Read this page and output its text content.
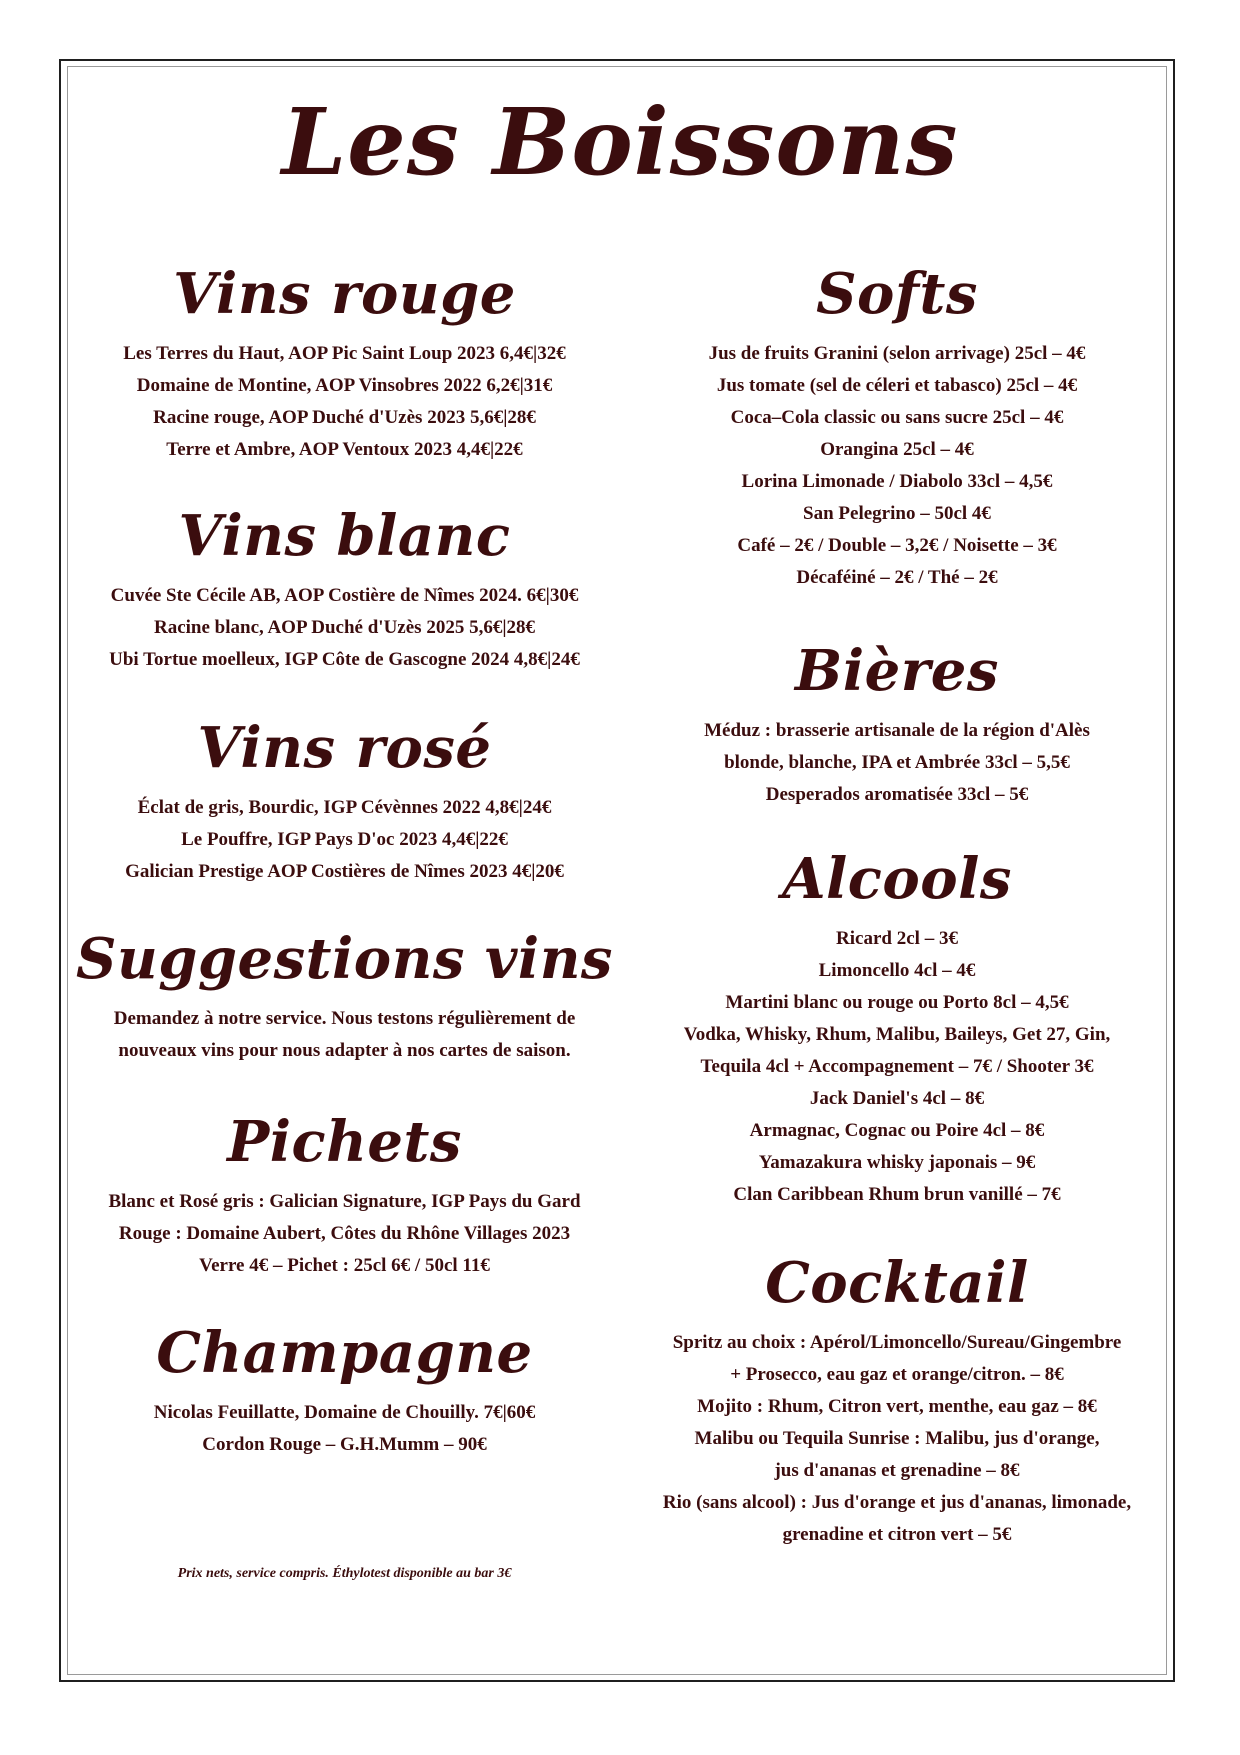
Les Boissons
Vins rouge
Les Terres du Haut, AOP Pic Saint Loup 2023 6,4€|32€
Domaine de Montine, AOP Vinsobres 2022 6,2€|31€
Racine rouge, AOP Duché d'Uzès 2023 5,6€|28€
Terre et Ambre, AOP Ventoux 2023 4,4€|22€
Vins blanc
Cuvée Ste Cécile AB, AOP Costière de Nîmes 2024. 6€|30€
Racine blanc, AOP Duché d'Uzès 2025 5,6€|28€
Ubi Tortue moelleux, IGP Côte de Gascogne 2024 4,8€|24€
Vins rosé
Éclat de gris, Bourdic, IGP Cévènnes 2022 4,8€|24€
Le Pouffre, IGP Pays D'oc 2023 4,4€|22€
Galician Prestige AOP Costières de Nîmes 2023 4€|20€
Suggestions vins
Demandez à notre service. Nous testons régulièrement de
nouveaux vins pour nous adapter à nos cartes de saison.
Pichets
Blanc et Rosé gris : Galician Signature, IGP Pays du Gard
Rouge : Domaine Aubert, Côtes du Rhône Villages 2023
Verre 4€ – Pichet : 25cl 6€ / 50cl 11€
Champagne
Nicolas Feuillatte, Domaine de Chouilly. 7€|60€
Cordon Rouge – G.H.Mumm – 90€
Softs
Jus de fruits Granini (selon arrivage) 25cl – 4€
Jus tomate (sel de céleri et tabasco) 25cl – 4€
Coca–Cola classic ou sans sucre 25cl – 4€
Orangina 25cl – 4€
Lorina Limonade / Diabolo 33cl – 4,5€
San Pelegrino – 50cl 4€
Café – 2€ / Double – 3,2€ / Noisette – 3€
Décaféiné – 2€ / Thé – 2€
Bières
Méduz : brasserie artisanale de la région d'Alès
blonde, blanche, IPA et Ambrée 33cl – 5,5€
Desperados aromatisée 33cl – 5€
Alcools
Ricard 2cl – 3€
Limoncello 4cl – 4€
Martini blanc ou rouge ou Porto 8cl – 4,5€
Vodka, Whisky, Rhum, Malibu, Baileys, Get 27, Gin,
Tequila 4cl + Accompagnement – 7€ / Shooter 3€
Jack Daniel's 4cl – 8€
Armagnac, Cognac ou Poire 4cl – 8€
Yamazakura whisky japonais – 9€
Clan Caribbean Rhum brun vanillé – 7€
Cocktail
Spritz au choix : Apérol/Limoncello/Sureau/Gingembre
+ Prosecco, eau gaz et orange/citron. – 8€
Mojito : Rhum, Citron vert, menthe, eau gaz – 8€
Malibu ou Tequila Sunrise : Malibu, jus d'orange,
jus d'ananas et grenadine – 8€
Rio (sans alcool) : Jus d'orange et jus d'ananas, limonade,
grenadine et citron vert – 5€
Prix nets, service compris. Éthylotest disponible au bar 3€
